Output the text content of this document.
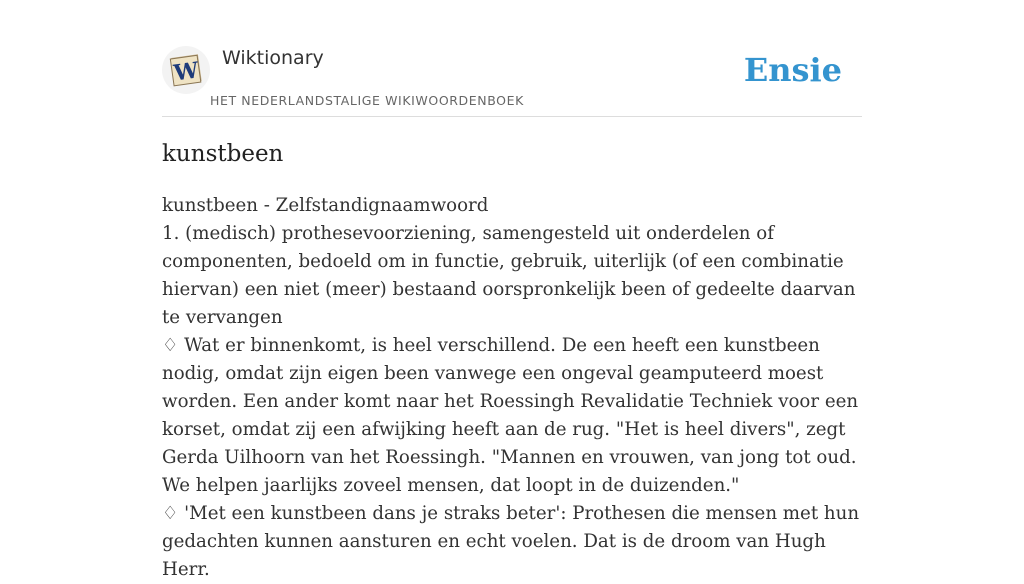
W Wiktionary
HET NEDERLANDSTALIGE WIKIWOORDENBOEK
Ensie
kunstbeen

kunstbeen - Zelfstandignaamwoord

1. (medisch) prothesevoorziening, samengesteld uit onderdelen of componenten, bedoeld om in functie, gebruik, uiterlijk (of een combinatie hiervan) een niet (meer) bestaand oorspronkelijk been of gedeelte daarvan te vervangen

♢ Wat er binnenkomt, is heel verschillend. De een heeft een kunstbeen nodig, omdat zijn eigen been vanwege een ongeval geamputeerd moest worden. Een ander komt naar het Roessingh Revalidatie Techniek voor een korset, omdat zij een afwijking heeft aan de rug. "Het is heel divers", zegt Gerda Uilhoorn van het Roessingh. "Mannen en vrouwen, van jong tot oud. We helpen jaarlijks zoveel mensen, dat loopt in de duizenden."

♢ 'Met een kunstbeen dans je straks beter': Prothesen die mensen met hun gedachten kunnen aansturen en echt voelen. Dat is de droom van Hugh Herr.
